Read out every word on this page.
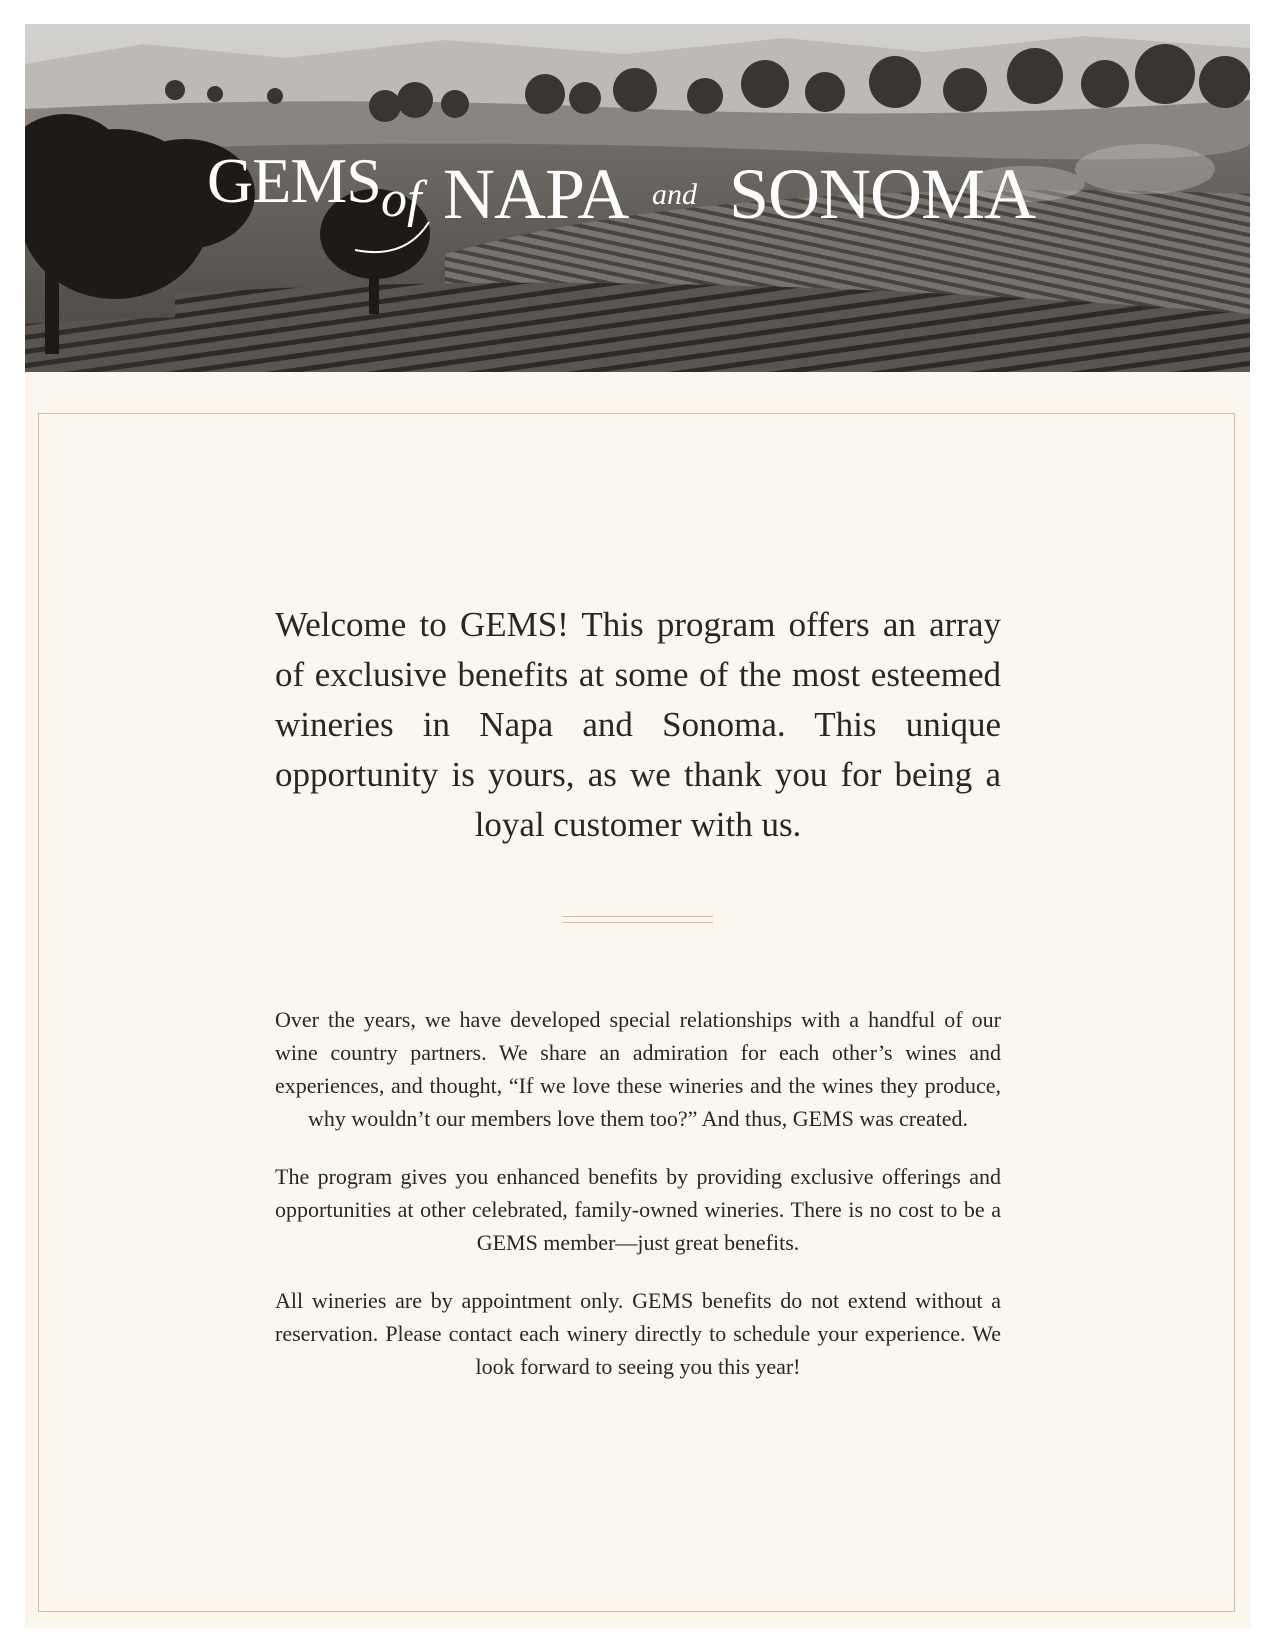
GEMS of NAPA and SONOMA

Welcome to GEMS! This program offers an array of exclusive benefits at some of the most esteemed wineries in Napa and Sonoma. This unique opportunity is yours, as we thank you for being a loyal customer with us.

Over the years, we have developed special relationships with a handful of our wine country partners. We share an admiration for each other’s wines and experiences, and thought, “If we love these wineries and the wines they produce, why wouldn’t our members love them too?” And thus, GEMS was created.

The program gives you enhanced benefits by providing exclusive offerings and opportunities at other celebrated, family-owned wineries. There is no cost to be a GEMS member—just great benefits.

All wineries are by appointment only. GEMS benefits do not extend without a reservation. Please contact each winery directly to schedule your experience. We look forward to seeing you this year!
